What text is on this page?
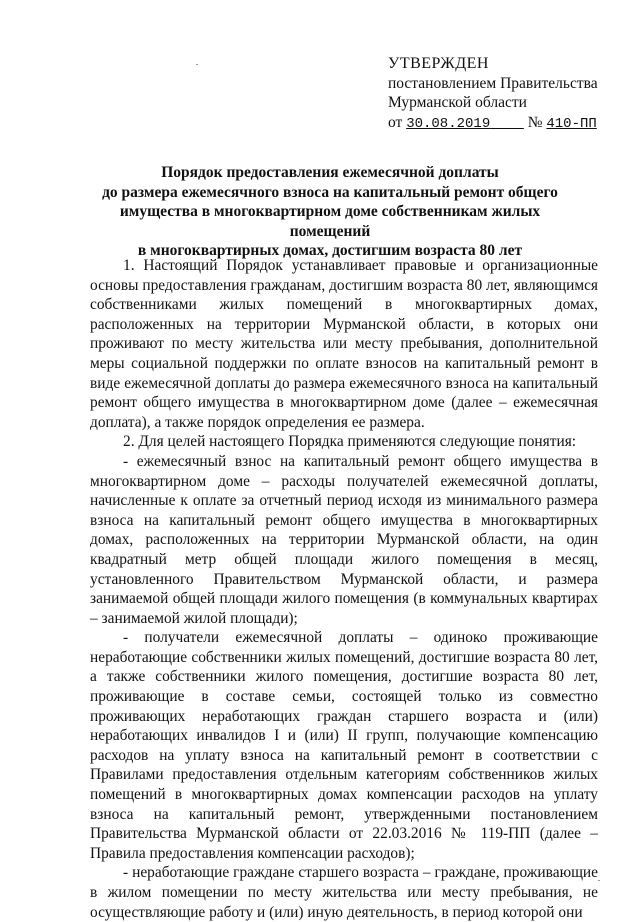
УТВЕРЖДЕН
постановлением Правительства
Мурманской области
от 30.08.2019 № 410-ПП
Порядок предоставления ежемесячной доплаты
до размера ежемесячного взноса на капитальный ремонт общего
имущества в многоквартирном доме собственникам жилых помещений
в многоквартирных домах, достигшим возраста 80 лет

1. Настоящий Порядок устанавливает правовые и организационные основы предоставления гражданам, достигшим возраста 80 лет, являющимся собственниками жилых помещений в многоквартирных домах, расположенных на территории Мурманской области, в которых они проживают по месту жительства или месту пребывания, дополнительной меры социальной поддержки по оплате взносов на капитальный ремонт в виде ежемесячной доплаты до размера ежемесячного взноса на капитальный ремонт общего имущества в многоквартирном доме (далее – ежемесячная доплата), а также порядок определения ее размера.

2. Для целей настоящего Порядка применяются следующие понятия:

- ежемесячный взнос на капитальный ремонт общего имущества в многоквартирном доме – расходы получателей ежемесячной доплаты, начисленные к оплате за отчетный период исходя из минимального размера взноса на капитальный ремонт общего имущества в многоквартирных домах, расположенных на территории Мурманской области, на один квадратный метр общей площади жилого помещения в месяц, установленного Правительством Мурманской области, и размера занимаемой общей площади жилого помещения (в коммунальных квартирах – занимаемой жилой площади);

- получатели ежемесячной доплаты – одиноко проживающие неработающие собственники жилых помещений, достигшие возраста 80 лет, а также собственники жилого помещения, достигшие возраста 80 лет, проживающие в составе семьи, состоящей только из совместно проживающих неработающих граждан старшего возраста и (или) неработающих инвалидов I и (или) II групп, получающие компенсацию расходов на уплату взноса на капитальный ремонт в соответствии с Правилами предоставления отдельным категориям собственников жилых помещений в многоквартирных домах компенсации расходов на уплату взноса на капитальный ремонт, утвержденными постановлением Правительства Мурманской области от 22.03.2016 № 119-ПП (далее – Правила предоставления компенсации расходов);

- неработающие граждане старшего возраста – граждане, проживающие в жилом помещении по месту жительства или месту пребывания, не осуществляющие работу и (или) иную деятельность, в период которой они
